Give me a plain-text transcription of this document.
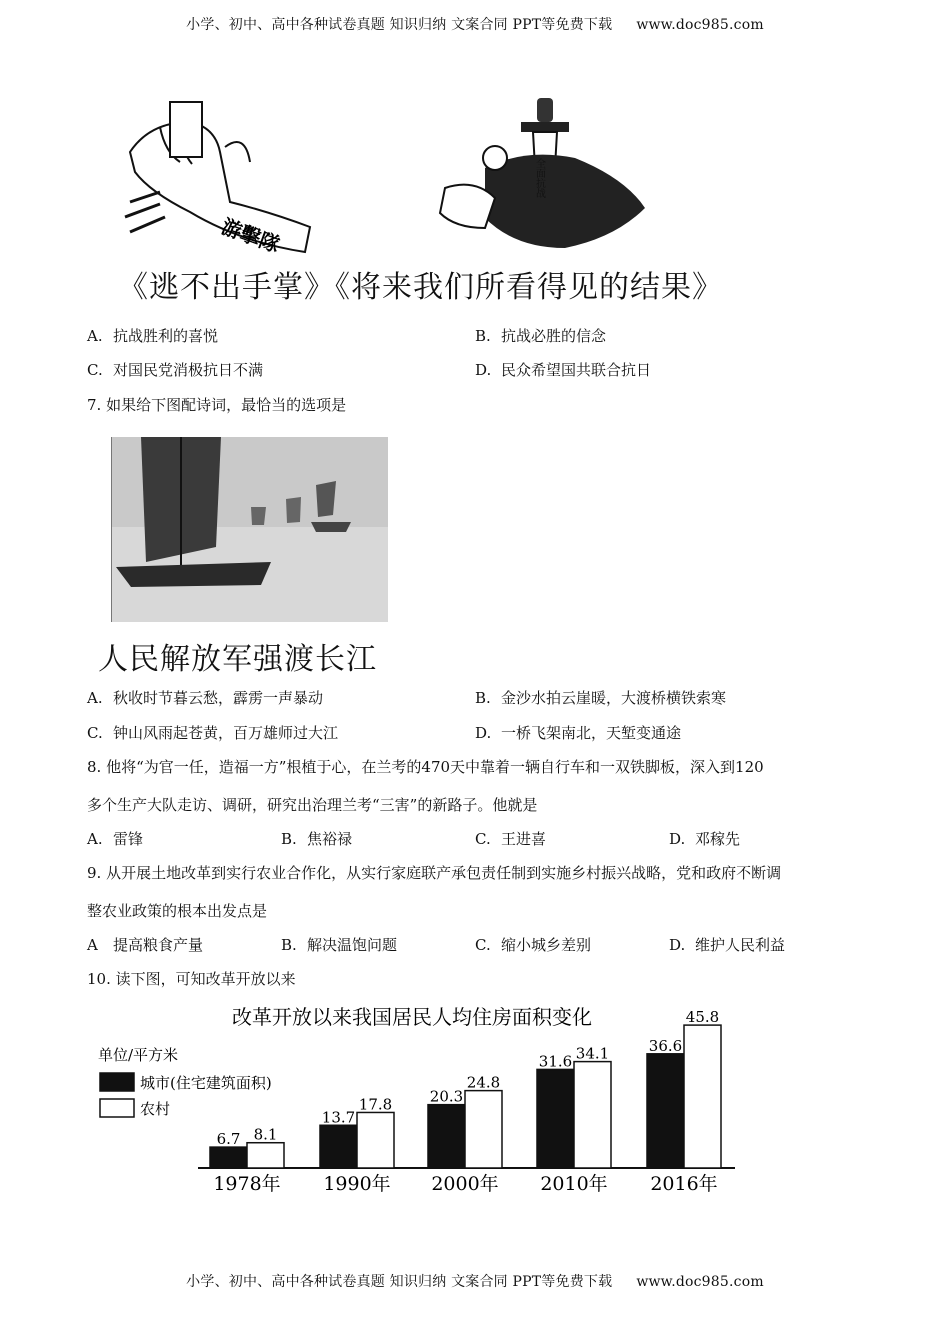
小学、初中、高中各种试卷真题 知识归纳 文案合同 PPT等免费下载 www.doc985.com
游擊隊
全面抗战
《逃不出手掌》《将来我们所看得见的结果》
A. 抗战胜利的喜悦	B. 抗战必胜的信念
C. 对国民党消极抗日不满	D. 民众希望国共联合抗日
7. 如果给下图配诗词，最恰当的选项是
人民解放军强渡长江
A. 秋收时节暮云愁，霹雳一声暴动	B. 金沙水拍云崖暖，大渡桥横铁索寒
C. 钟山风雨起苍黄，百万雄师过大江	D. 一桥飞架南北，天堑变通途
8. 他将“为官一任，造福一方”根植于心，在兰考的470天中靠着一辆自行车和一双铁脚板，深入到120
多个生产大队走访、调研，研究出治理兰考“三害”的新路子。他就是
A. 雷锋	B. 焦裕禄	C. 王进喜	D. 邓稼先
9. 从开展土地改革到实行农业合作化，从实行家庭联产承包责任制到实施乡村振兴战略，党和政府不断调
整农业政策的根本出发点是
A 提高粮食产量	B. 解决温饱问题	C. 缩小城乡差别	D. 维护人民利益
10. 读下图，可知改革开放以来
改革开放以来我国居民人均住房面积变化
单位/平方米
城市(住宅建筑面积)
农村
6.7 8.1
1978年
13.7
17.8
1990年
20.3
24.8
2000年
31.6 34.1
2010年
36.6
45.8
2016年
小学、初中、高中各种试卷真题 知识归纳 文案合同 PPT等免费下载 www.doc985.com
